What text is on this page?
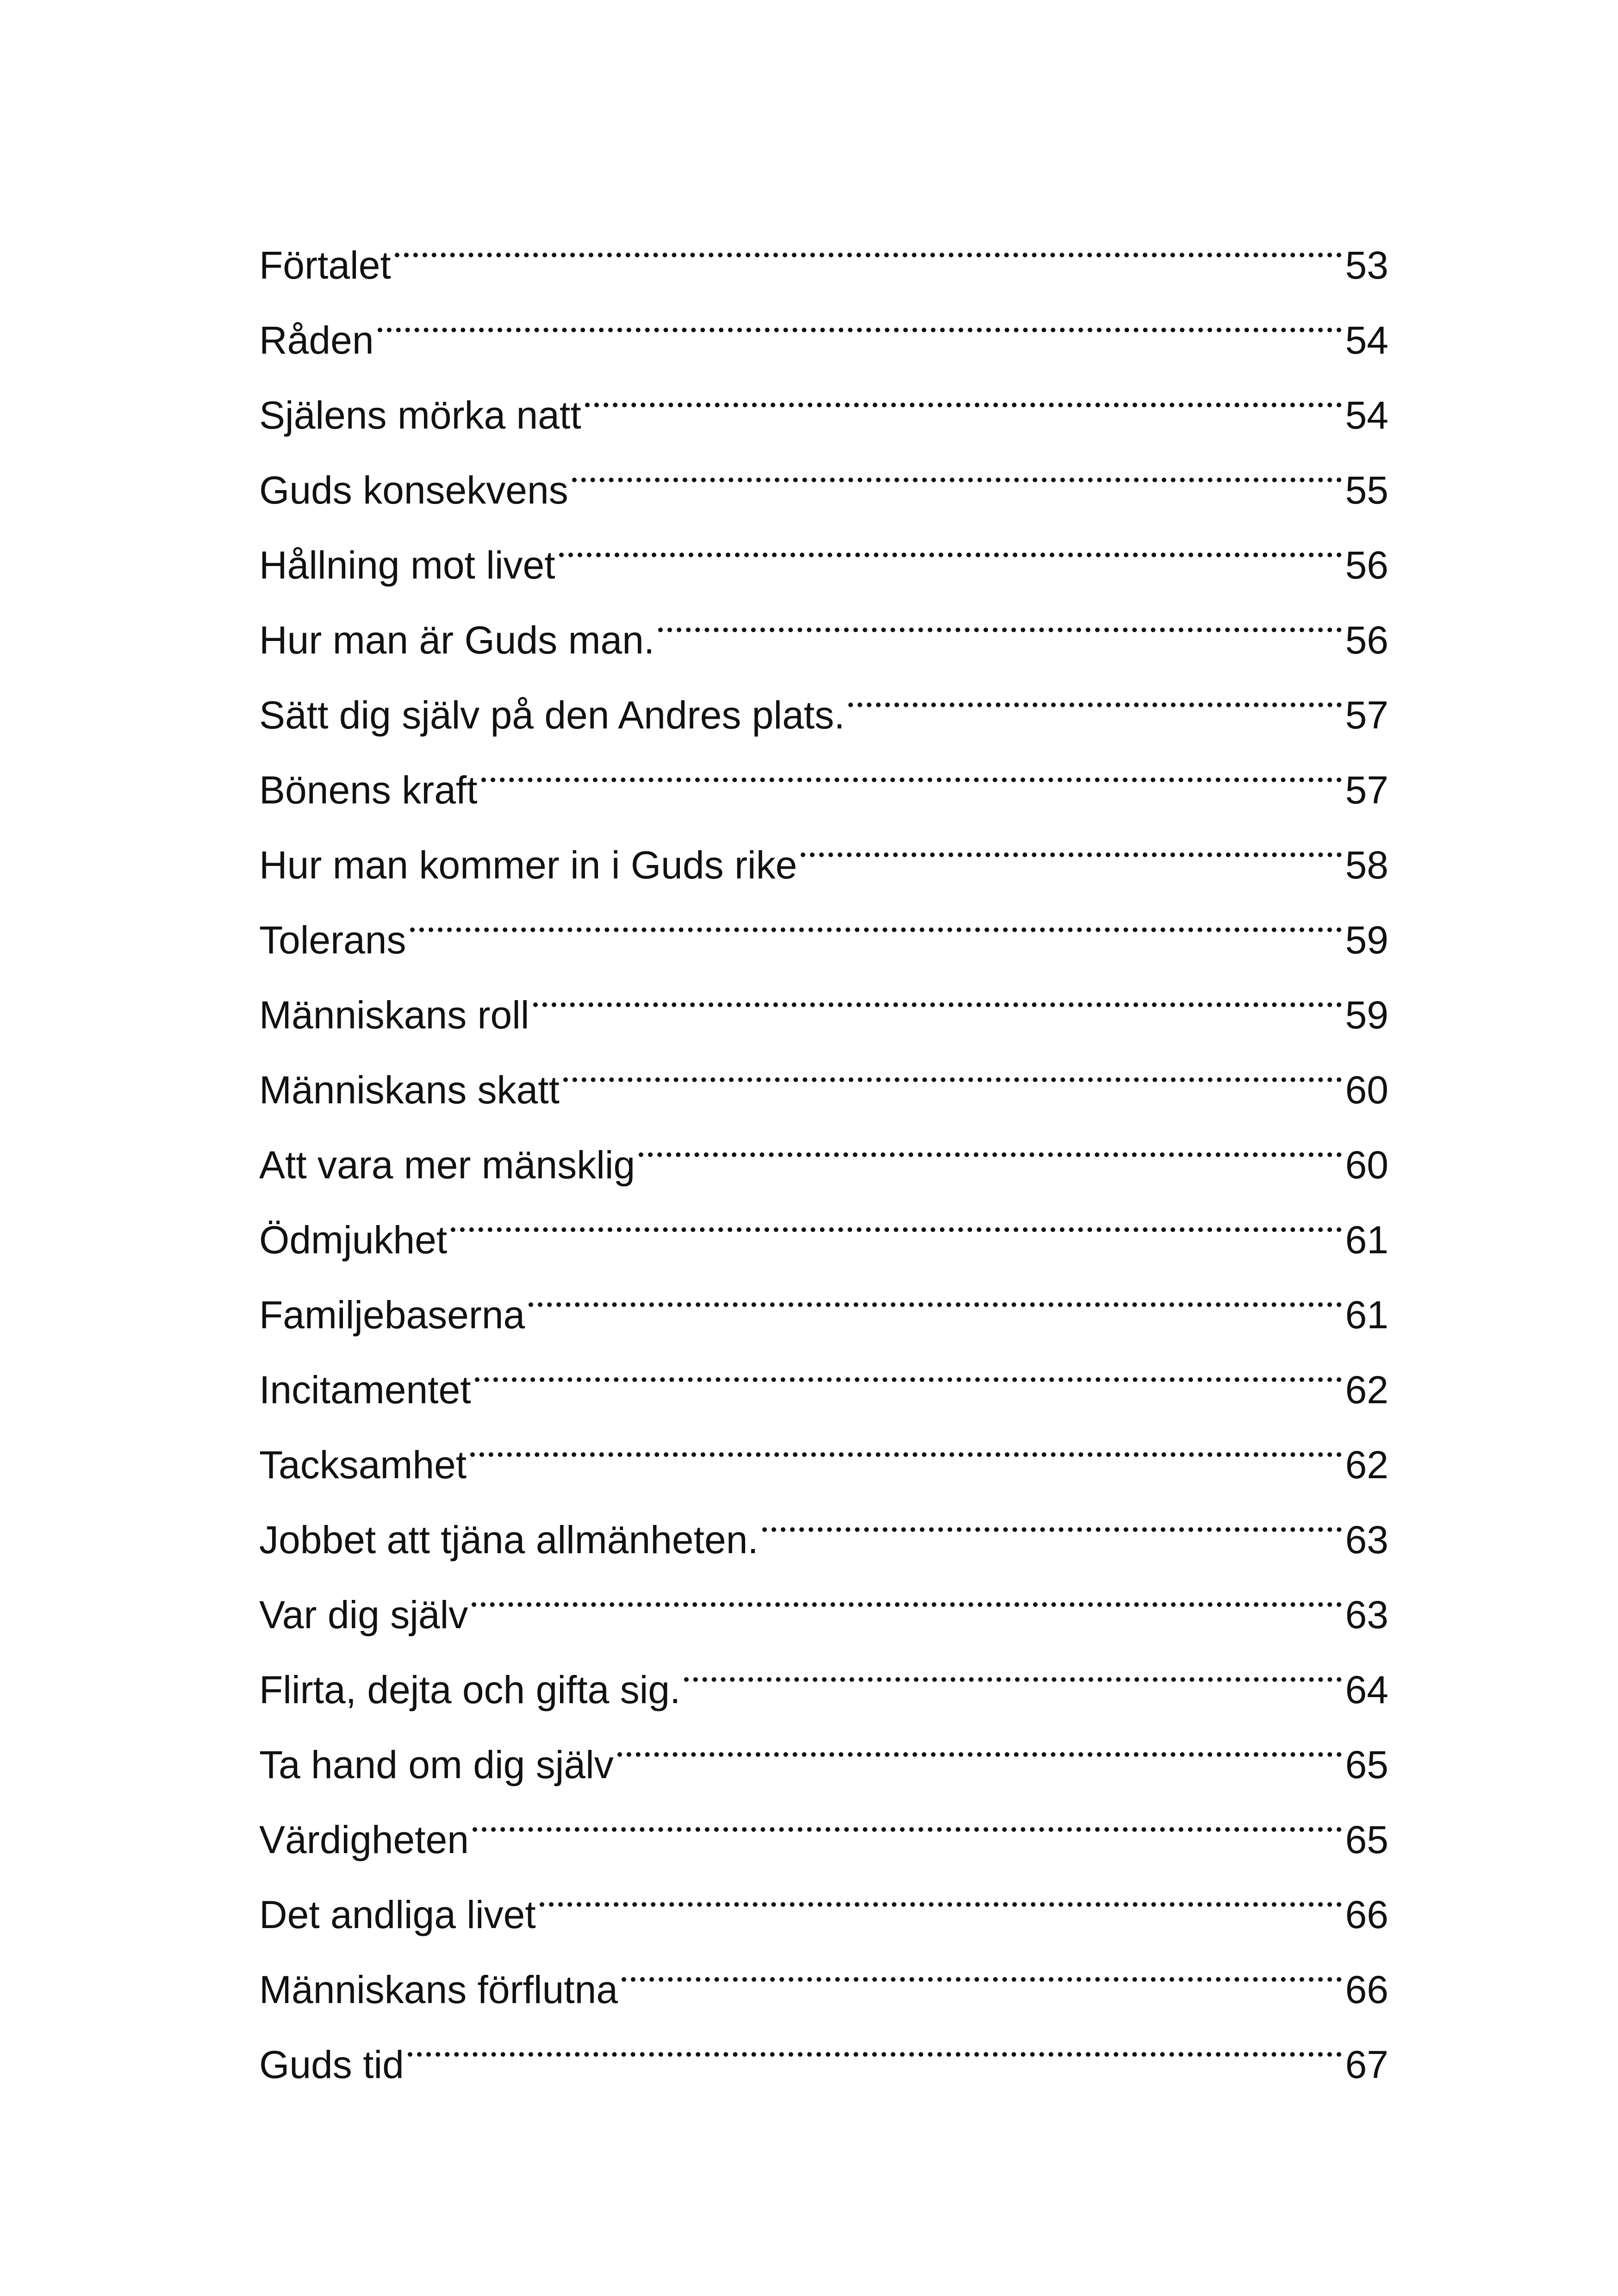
Förtalet	53
Råden	54
Själens mörka natt	54
Guds konsekvens	55
Hållning mot livet	56
Hur man är Guds man.	56
Sätt dig själv på den Andres plats.	57
Bönens kraft	57
Hur man kommer in i Guds rike	58
Tolerans	59
Människans roll	59
Människans skatt	60
Att vara mer mänsklig	60
Ödmjukhet	61
Familjebaserna	61
Incitamentet	62
Tacksamhet	62
Jobbet att tjäna allmänheten.	63
Var dig själv	63
Flirta, dejta och gifta sig.	64
Ta hand om dig själv	65
Värdigheten	65
Det andliga livet	66
Människans förflutna	66
Guds tid	67
